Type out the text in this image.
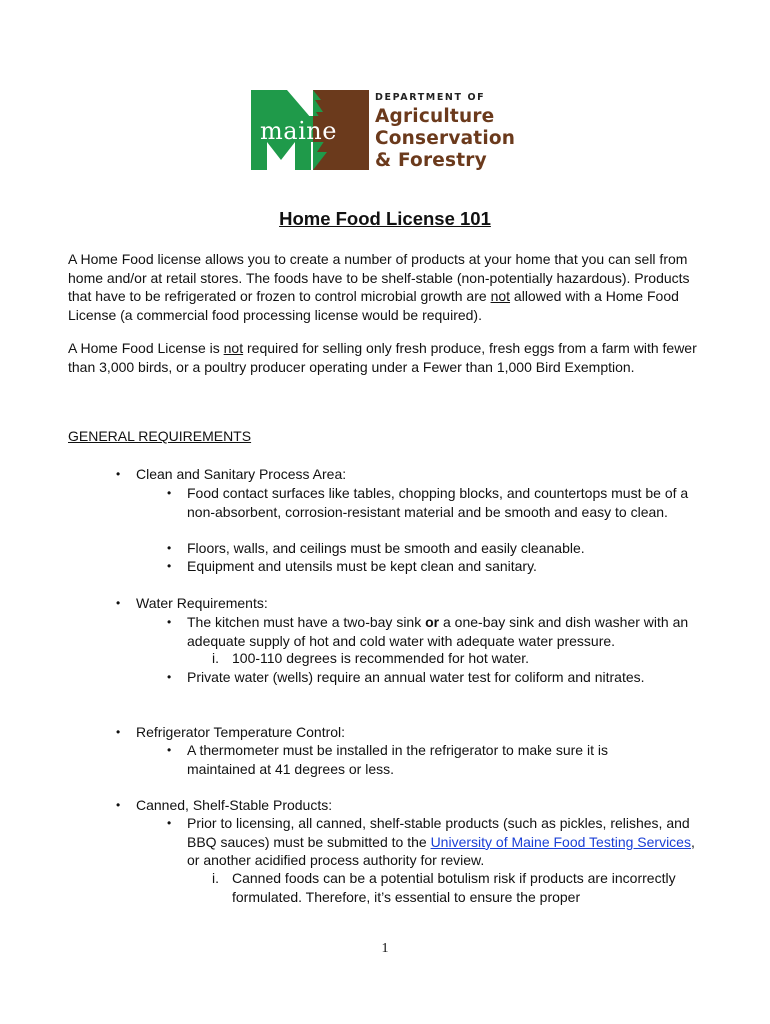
maine
DEPARTMENT OF
Agriculture
Conservation
& Forestry
Home Food License 101

A Home Food license allows you to create a number of products at your home that you can sell from home and/or at retail stores. The foods have to be shelf-stable (non-potentially hazardous). Products that have to be refrigerated or frozen to control microbial growth are not allowed with a Home Food License (a commercial food processing license would be required).

A Home Food License is not required for selling only fresh produce, fresh eggs from a farm with fewer than 3,000 birds, or a poultry producer operating under a Fewer than 1,000 Bird Exemption.

GENERAL REQUIREMENTS
• Clean and Sanitary Process Area:
• Food contact surfaces like tables, chopping blocks, and countertops must be of a non-absorbent, corrosion-resistant material and be smooth and easy to clean.
• Floors, walls, and ceilings must be smooth and easily cleanable.
• Equipment and utensils must be kept clean and sanitary.
• Water Requirements:
• The kitchen must have a two-bay sink or a one-bay sink and dish washer with an adequate supply of hot and cold water with adequate water pressure.
i. 100-110 degrees is recommended for hot water.
• Private water (wells) require an annual water test for coliform and nitrates.
• Refrigerator Temperature Control:
• A thermometer must be installed in the refrigerator to make sure it is maintained at 41 degrees or less.
• Canned, Shelf-Stable Products:
• Prior to licensing, all canned, shelf-stable products (such as pickles, relishes, and BBQ sauces) must be submitted to the University of Maine Food Testing Services, or another acidified process authority for review.
i. Canned foods can be a potential botulism risk if products are incorrectly formulated. Therefore, it’s essential to ensure the proper
1
